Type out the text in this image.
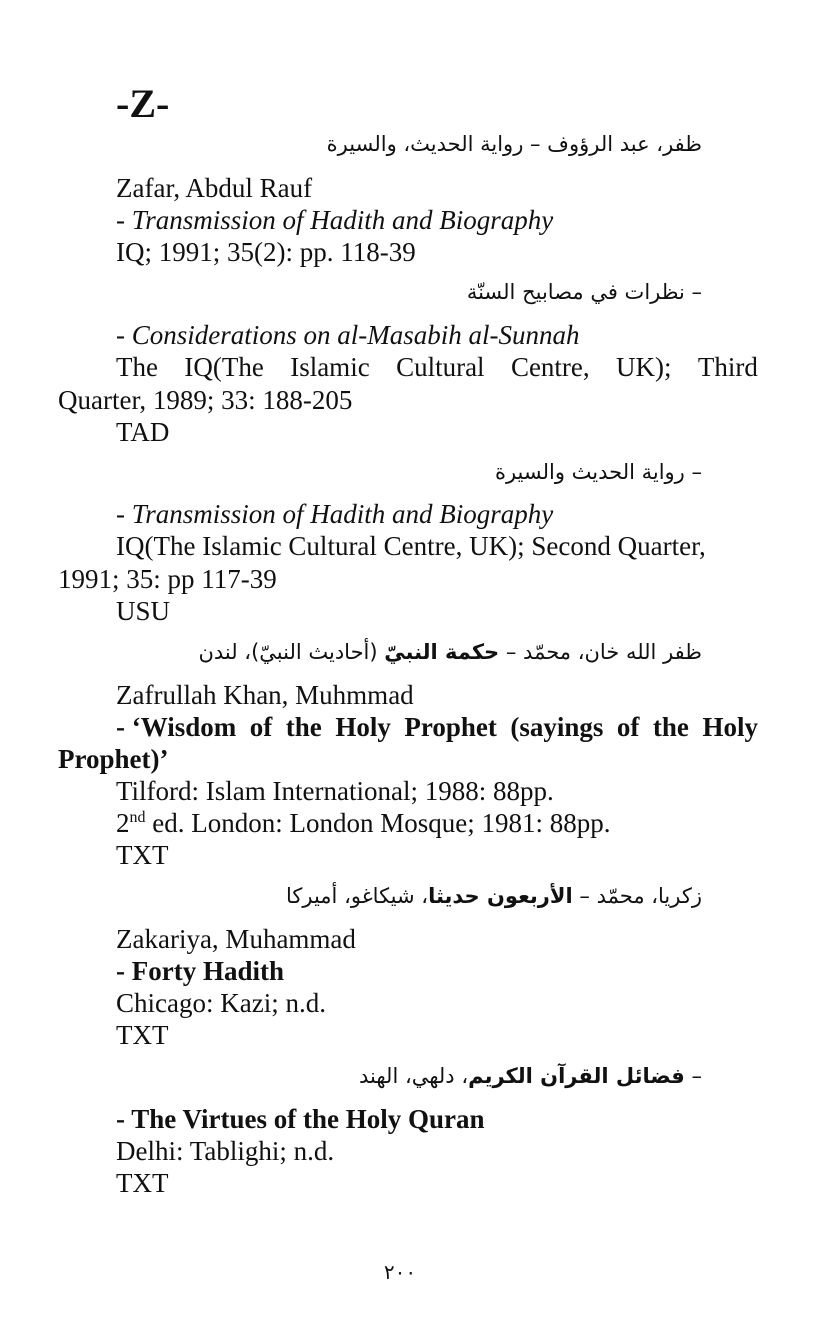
-Z-
ظفر، عبد الرؤوف – رواية الحديث، والسيرة
Zafar, Abdul Rauf
- Transmission of Hadith and Biography
IQ; 1991; 35(2): pp. 118-39
– نظرات في مصابيح السنّة
- Considerations on al-Masabih al-Sunnah
The IQ(The Islamic Cultural Centre, UK); Third
Quarter, 1989; 33: 188-205
TAD
– رواية الحديث والسيرة
- Transmission of Hadith and Biography
IQ(The Islamic Cultural Centre, UK); Second Quarter,
1991; 35: pp 117-39
USU
ظفر الله خان، محمّد – حكمة النبيّ (أحاديث النبيّ)، لندن
Zafrullah Khan, Muhmmad
- ‘Wisdom of the Holy Prophet (sayings of the Holy
Prophet)’
Tilford: Islam International; 1988: 88pp.
2nd ed. London: London Mosque; 1981: 88pp.
TXT
زكريا، محمّد – الأربعون حديثا، شيكاغو، أميركا
Zakariya, Muhammad
- Forty Hadith
Chicago: Kazi; n.d.
TXT
– فضائل القرآن الكريم، دلهي، الهند
- The Virtues of the Holy Quran
Delhi: Tablighi; n.d.
TXT
٢٠٠
